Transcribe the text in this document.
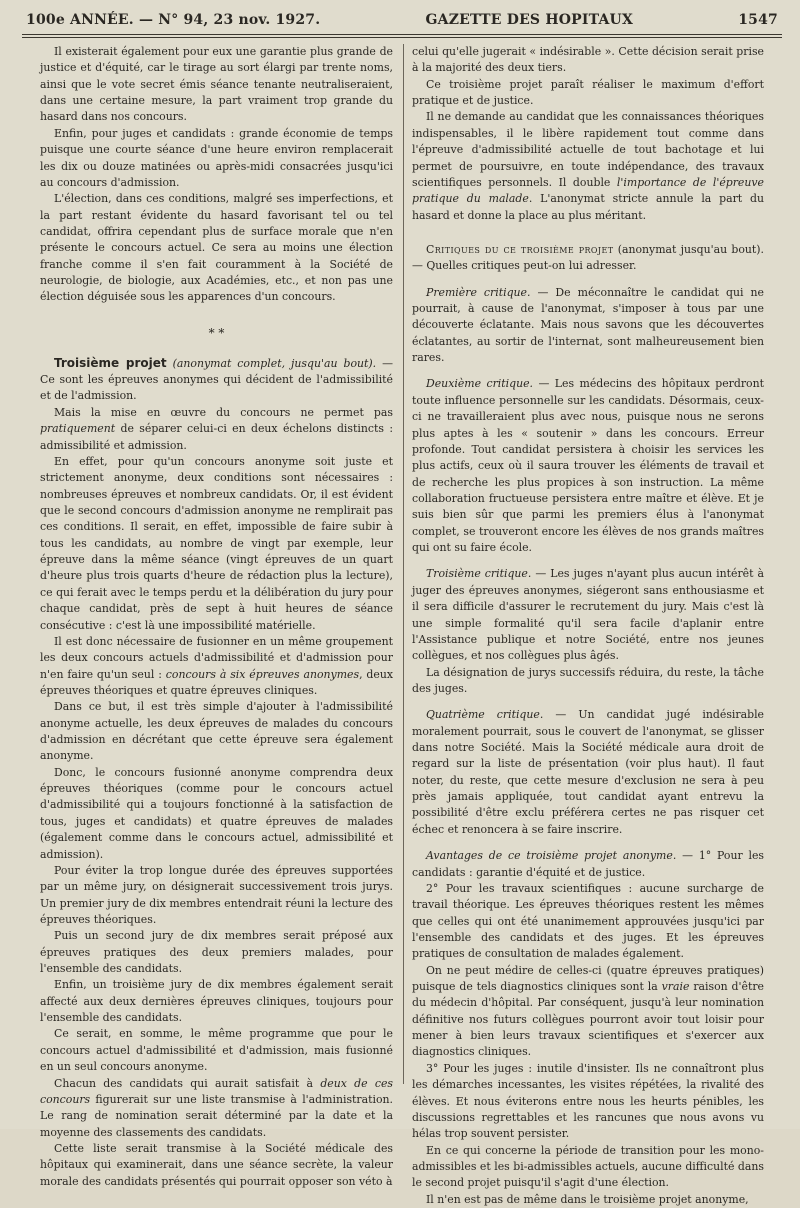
100e ANNÉE. — N° 94, 23 nov. 1927.	GAZETTE DES HOPITAUX	1547

Il existerait également pour eux une garantie plus grande de justice et d'équité, car le tirage au sort élargi par trente noms, ainsi que le vote secret émis séance tenante neutraliseraient, dans une certaine mesure, la part vraiment trop grande du hasard dans nos concours.

Enfin, pour juges et candidats : grande économie de temps puisque une courte séance d'une heure environ remplacerait les dix ou douze matinées ou après-midi consacrées jusqu'ici au concours d'admission.

L'élection, dans ces conditions, malgré ses imperfections, et la part restant évidente du hasard favorisant tel ou tel candidat, offrira cependant plus de surface morale que n'en présente le concours actuel. Ce sera au moins une élection franche comme il s'en fait couramment à la Société de neurologie, de biologie, aux Académies, etc., et non pas une élection déguisée sous les apparences d'un concours.

* *

Troisième projet (anonymat complet, jusqu'au bout). — Ce sont les épreuves anonymes qui décident de l'admissibilité et de l'admission.

Mais la mise en œuvre du concours ne permet pas pratiquement de séparer celui-ci en deux échelons distincts : admissibilité et admission.

En effet, pour qu'un concours anonyme soit juste et strictement anonyme, deux conditions sont nécessaires : nombreuses épreuves et nombreux candidats. Or, il est évident que le second concours d'admission anonyme ne remplirait pas ces conditions. Il serait, en effet, impossible de faire subir à tous les candidats, au nombre de vingt par exemple, leur épreuve dans la même séance (vingt épreuves de un quart d'heure plus trois quarts d'heure de rédaction plus la lecture), ce qui ferait avec le temps perdu et la délibération du jury pour chaque candidat, près de sept à huit heures de séance consécutive : c'est là une impossibilité matérielle.

Il est donc nécessaire de fusionner en un même groupement les deux concours actuels d'admissibilité et d'admission pour n'en faire qu'un seul : concours à six épreuves anonymes, deux épreuves théoriques et quatre épreuves cliniques.

Dans ce but, il est très simple d'ajouter à l'admissibilité anonyme actuelle, les deux épreuves de malades du concours d'admission en décrétant que cette épreuve sera également anonyme.

Donc, le concours fusionné anonyme comprendra deux épreuves théoriques (comme pour le concours actuel d'admissibilité qui a toujours fonctionné à la satisfaction de tous, juges et candidats) et quatre épreuves de malades (également comme dans le concours actuel, admissibilité et admission).

Pour éviter la trop longue durée des épreuves supportées par un même jury, on désignerait successivement trois jurys. Un premier jury de dix membres entendrait réuni la lecture des épreuves théoriques.

Puis un second jury de dix membres serait préposé aux épreuves pratiques des deux premiers malades, pour l'ensemble des candidats.

Enfin, un troisième jury de dix membres également serait affecté aux deux dernières épreuves cliniques, toujours pour l'ensemble des candidats.

Ce serait, en somme, le même programme que pour le concours actuel d'admissibilité et d'admission, mais fusionné en un seul concours anonyme.

Chacun des candidats qui aurait satisfait à deux de ces concours figurerait sur une liste transmise à l'administration. Le rang de nomination serait déterminé par la date et la moyenne des classements des candidats.

Cette liste serait transmise à la Société médicale des hôpitaux qui examinerait, dans une séance secrète, la valeur morale des candidats présentés qui pourrait opposer son véto à

celui qu'elle jugerait « indésirable ». Cette décision serait prise à la majorité des deux tiers.

Ce troisième projet paraît réaliser le maximum d'effort pratique et de justice.

Il ne demande au candidat que les connaissances théoriques indispensables, il le libère rapidement tout comme dans l'épreuve d'admissibilité actuelle de tout bachotage et lui permet de poursuivre, en toute indépendance, des travaux scientifiques personnels. Il double l'importance de l'épreuve pratique du malade. L'anonymat stricte annule la part du hasard et donne la place au plus méritant.

Critiques du ce troisième projet (anonymat jusqu'au bout). — Quelles critiques peut-on lui adresser.

Première critique. — De méconnaître le candidat qui ne pourrait, à cause de l'anonymat, s'imposer à tous par une découverte éclatante. Mais nous savons que les découvertes éclatantes, au sortir de l'internat, sont malheureusement bien rares.

Deuxième critique. — Les médecins des hôpitaux perdront toute influence personnelle sur les candidats. Désormais, ceux-ci ne travailleraient plus avec nous, puisque nous ne serons plus aptes à les « soutenir » dans les concours. Erreur profonde. Tout candidat persistera à choisir les services les plus actifs, ceux où il saura trouver les éléments de travail et de recherche les plus propices à son instruction. La même collaboration fructueuse persistera entre maître et élève. Et je suis bien sûr que parmi les premiers élus à l'anonymat complet, se trouveront encore les élèves de nos grands maîtres qui ont su faire école.

Troisième critique. — Les juges n'ayant plus aucun intérêt à juger des épreuves anonymes, siégeront sans enthousiasme et il sera difficile d'assurer le recrutement du jury. Mais c'est là une simple formalité qu'il sera facile d'aplanir entre l'Assistance publique et notre Société, entre nos jeunes collègues, et nos collègues plus âgés.

La désignation de jurys successifs réduira, du reste, la tâche des juges.

Quatrième critique. — Un candidat jugé indésirable moralement pourrait, sous le couvert de l'anonymat, se glisser dans notre Société. Mais la Société médicale aura droit de regard sur la liste de présentation (voir plus haut). Il faut noter, du reste, que cette mesure d'exclusion ne sera à peu près jamais appliquée, tout candidat ayant entrevu la possibilité d'être exclu préférera certes ne pas risquer cet échec et renoncera à se faire inscrire.

Avantages de ce troisième projet anonyme. — 1° Pour les candidats : garantie d'équité et de justice.

2° Pour les travaux scientifiques : aucune surcharge de travail théorique. Les épreuves théoriques restent les mêmes que celles qui ont été unanimement approuvées jusqu'ici par l'ensemble des candidats et des juges. Et les épreuves pratiques de consultation de malades également.

On ne peut médire de celles-ci (quatre épreuves pratiques) puisque de tels diagnostics cliniques sont la vraie raison d'être du médecin d'hôpital. Par conséquent, jusqu'à leur nomination définitive nos futurs collègues pourront avoir tout loisir pour mener à bien leurs travaux scientifiques et s'exercer aux diagnostics cliniques.

3° Pour les juges : inutile d'insister. Ils ne connaîtront plus les démarches incessantes, les visites répétées, la rivalité des élèves. Et nous éviterons entre nous les heurts pénibles, les discussions regrettables et les rancunes que nous avons vu hélas trop souvent persister.

En ce qui concerne la période de transition pour les mono-admissibles et les bi-admissibles actuels, aucune difficulté dans le second projet puisqu'il s'agit d'une élection.

Il n'en est pas de même dans le troisième projet anonyme,
